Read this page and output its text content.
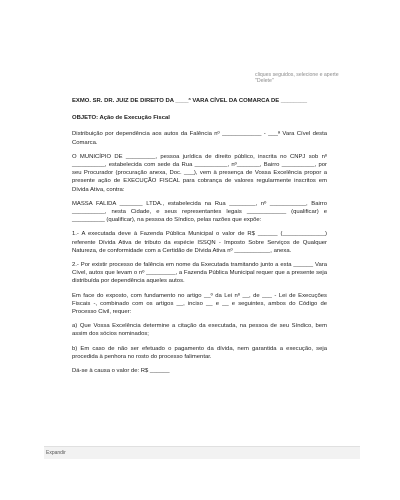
cliques seguidos, selecione e aperte "Delete"

EXMO. SR. DR. JUIZ DE DIREITO DA ____ª VARA CÍVEL DA COMARCA DE ________

OBJETO: Ação de Execução Fiscal

Distribuição por dependência aos autos da Falência nº ____________ - ___ª Vara Cível desta Comarca.

O MUNICÍPIO DE _________, pessoa jurídica de direito público, inscrita no CNPJ sob nº __________, estabelecida com sede da Rua __________, nº_______, Bairro __________, por seu Procurador (procuração anexa, Doc. ___), vem à presença de Vossa Excelência propor a presente ação de EXECUÇÃO FISCAL para cobrança de valores regularmente inscritos em Dívida Ativa, contra:

MASSA FALIDA _______ LTDA., estabelecida na Rua ________, nº ___________, Bairro __________, nesta Cidade, e seus representantes legais ____________ (qualificar) e __________ (qualificar), na pessoa do Síndico, pelas razões que expõe:

1.- A executada deve à Fazenda Pública Municipal o valor de R$ ______ (_____________) referente Dívida Ativa de tributo da espécie ISSQN - Imposto Sobre Serviços de Qualquer Natureza, de conformidade com a Certidão de Dívida Ativa nº ___________, anexa.

2.- Por existir processo de falência em nome da Executada tramitando junto a esta ______ Vara Cível, autos que levam o nº _________, a Fazenda Pública Municipal requer que a presente seja distribuída por dependência aqueles autos.

Em face do exposto, com fundamento no artigo __º da Lei nº __, de ___ - Lei de Execuções Fiscais -, combinado com os artigos __, inciso __ e __ e seguintes, ambos do Código de Processo Civil, requer:

a) Que Vossa Excelência determine a citação da executada, na pessoa de seu Síndico, bem assim dos sócios nominados;

b) Em caso de não ser efetuado o pagamento da dívida, nem garantida a execução, seja procedida à penhora no rosto do processo falimentar.

Dá-se à causa o valor de: R$ ______

Expandir
